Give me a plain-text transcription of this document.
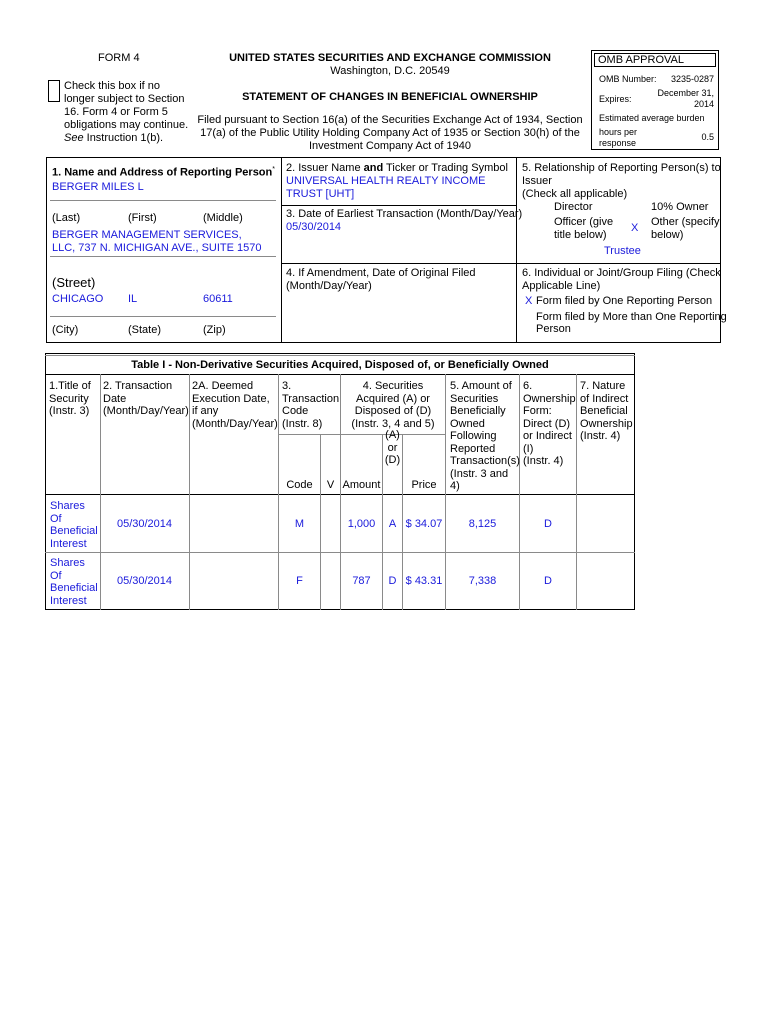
FORM 4	UNITED STATES SECURITIES AND EXCHANGE COMMISSION
Washington, D.C. 20549
Check this box if no
longer subject to Section
16. Form 4 or Form 5
obligations may continue.
See Instruction 1(b).
STATEMENT OF CHANGES IN BENEFICIAL OWNERSHIP
Filed pursuant to Section 16(a) of the Securities Exchange Act of 1934, Section
17(a) of the Public Utility Holding Company Act of 1935 or Section 30(h) of the
Investment Company Act of 1940
OMB APPROVAL
OMB Number: 3235-0287
Expires:
December 31,
2014
Estimated average burden
hours per
response
0.5
1. Name and Address of Reporting Person*
BERGER MILES L
(Last)	(First)	(Middle)
BERGER MANAGEMENT SERVICES,
LLC, 737 N. MICHIGAN AVE., SUITE 1570
(Street)
CHICAGO IL	60611
(City)	(State)	(Zip)
2. Issuer Name and Ticker or Trading Symbol
UNIVERSAL HEALTH REALTY INCOME
TRUST [UHT]
3. Date of Earliest Transaction (Month/Day/Year)
05/30/2014
4. If Amendment, Date of Original Filed
(Month/Day/Year)
5. Relationship of Reporting Person(s) to
Issuer
(Check all applicable)
Director	10% Owner
Officer (give
title below)
X Other (specify
below)
Trustee
6. Individual or Joint/Group Filing (Check
Applicable Line)
X Form filed by One Reporting Person
Form filed by More than One Reporting
Person
Table I - Non-Derivative Securities Acquired, Disposed of, or Beneficially Owned
1.Title of
Security
(Instr. 3)
2. Transaction
Date
(Month/Day/Year)
2A. Deemed
Execution Date,
if any
(Month/Day/Year)
3.
Transaction
Code
(Instr. 8)
4. Securities
Acquired (A) or
Disposed of (D)
(Instr. 3, 4 and 5)
5. Amount of
Securities
Beneficially
Owned
Following
Reported
Transaction(s)
(Instr. 3 and
4)
6.
Ownership
Form:
Direct (D)
or Indirect
(I)
(Instr. 4)
7. Nature
of Indirect
Beneficial
Ownership
(Instr. 4)
Code	V Amount
(A)
or
(D)
Price
Shares
Of
Beneficial
Interest
05/30/2014	M	1,000	A $ 34.07	8,125	D
Shares
Of
Beneficial
Interest
05/30/2014	F	787	D $ 43.31	7,338	D
